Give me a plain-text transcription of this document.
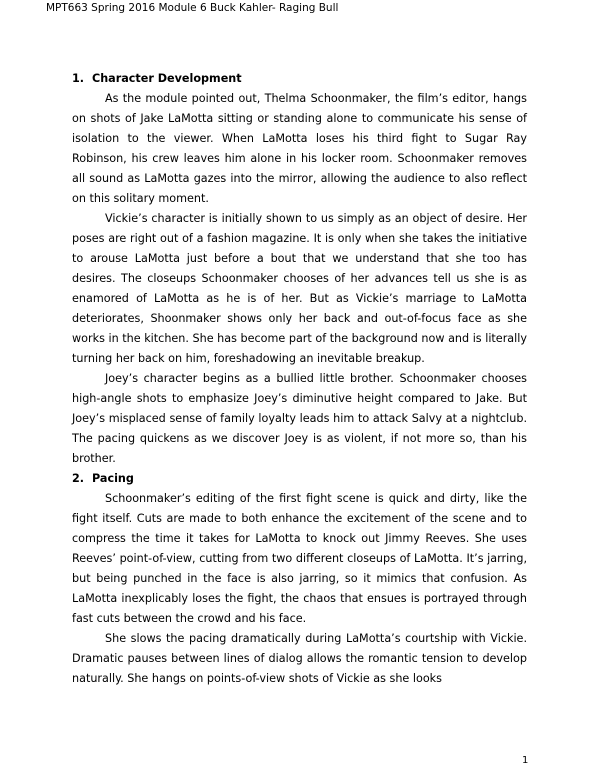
MPT663 Spring 2016 Module 6 Buck Kahler- Raging Bull
1. Character Development

As the module pointed out, Thelma Schoonmaker, the film’s editor, hangs on shots of Jake LaMotta sitting or standing alone to communicate his sense of isolation to the viewer. When LaMotta loses his third fight to Sugar Ray Robinson, his crew leaves him alone in his locker room. Schoonmaker removes all sound as LaMotta gazes into the mirror, allowing the audience to also reflect on this solitary moment.

Vickie’s character is initially shown to us simply as an object of desire. Her poses are right out of a fashion magazine. It is only when she takes the initiative to arouse LaMotta just before a bout that we understand that she too has desires. The closeups Schoonmaker chooses of her advances tell us she is as enamored of LaMotta as he is of her. But as Vickie’s marriage to LaMotta deteriorates, Shoonmaker shows only her back and out-of-focus face as she works in the kitchen. She has become part of the background now and is literally turning her back on him, foreshadowing an inevitable breakup.

Joey’s character begins as a bullied little brother. Schoonmaker chooses high-angle shots to emphasize Joey’s diminutive height compared to Jake. But Joey’s misplaced sense of family loyalty leads him to attack Salvy at a nightclub. The pacing quickens as we discover Joey is as violent, if not more so, than his brother.

2. Pacing

Schoonmaker’s editing of the first fight scene is quick and dirty, like the fight itself. Cuts are made to both enhance the excitement of the scene and to compress the time it takes for LaMotta to knock out Jimmy Reeves. She uses Reeves’ point-of-view, cutting from two different closeups of LaMotta. It’s jarring, but being punched in the face is also jarring, so it mimics that confusion. As LaMotta inexplicably loses the fight, the chaos that ensues is portrayed through fast cuts between the crowd and his face.

She slows the pacing dramatically during LaMotta’s courtship with Vickie. Dramatic pauses between lines of dialog allows the romantic tension to develop naturally. She hangs on points-of-view shots of Vickie as she looks

1
